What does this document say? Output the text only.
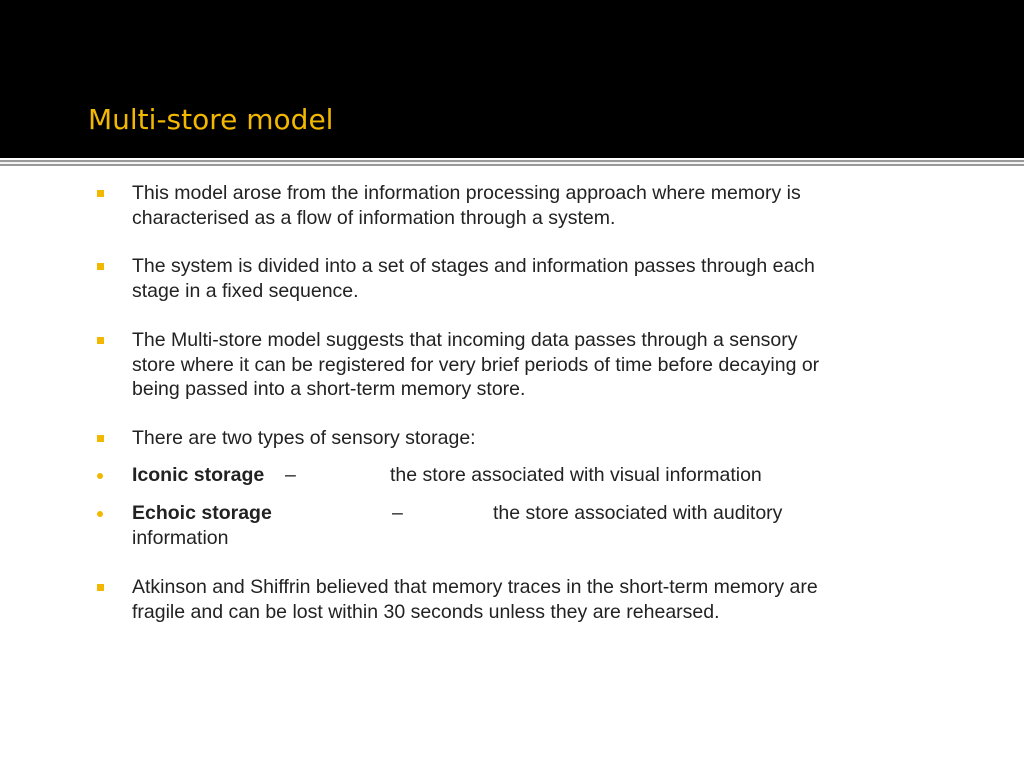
Multi-store model
This model arose from the information processing approach where memory is
characterised as a flow of information through a system.
The system is divided into a set of stages and information passes through each
stage in a fixed sequence.
The Multi-store model suggests that incoming data passes through a sensory
store where it can be registered for very brief periods of time before decaying or
being passed into a short-term memory store.
There are two types of sensory storage:
Iconic storage –	the store associated with visual information
Echoic storage	–	the store associated with auditory
information
Atkinson and Shiffrin believed that memory traces in the short-term memory are
fragile and can be lost within 30 seconds unless they are rehearsed.
